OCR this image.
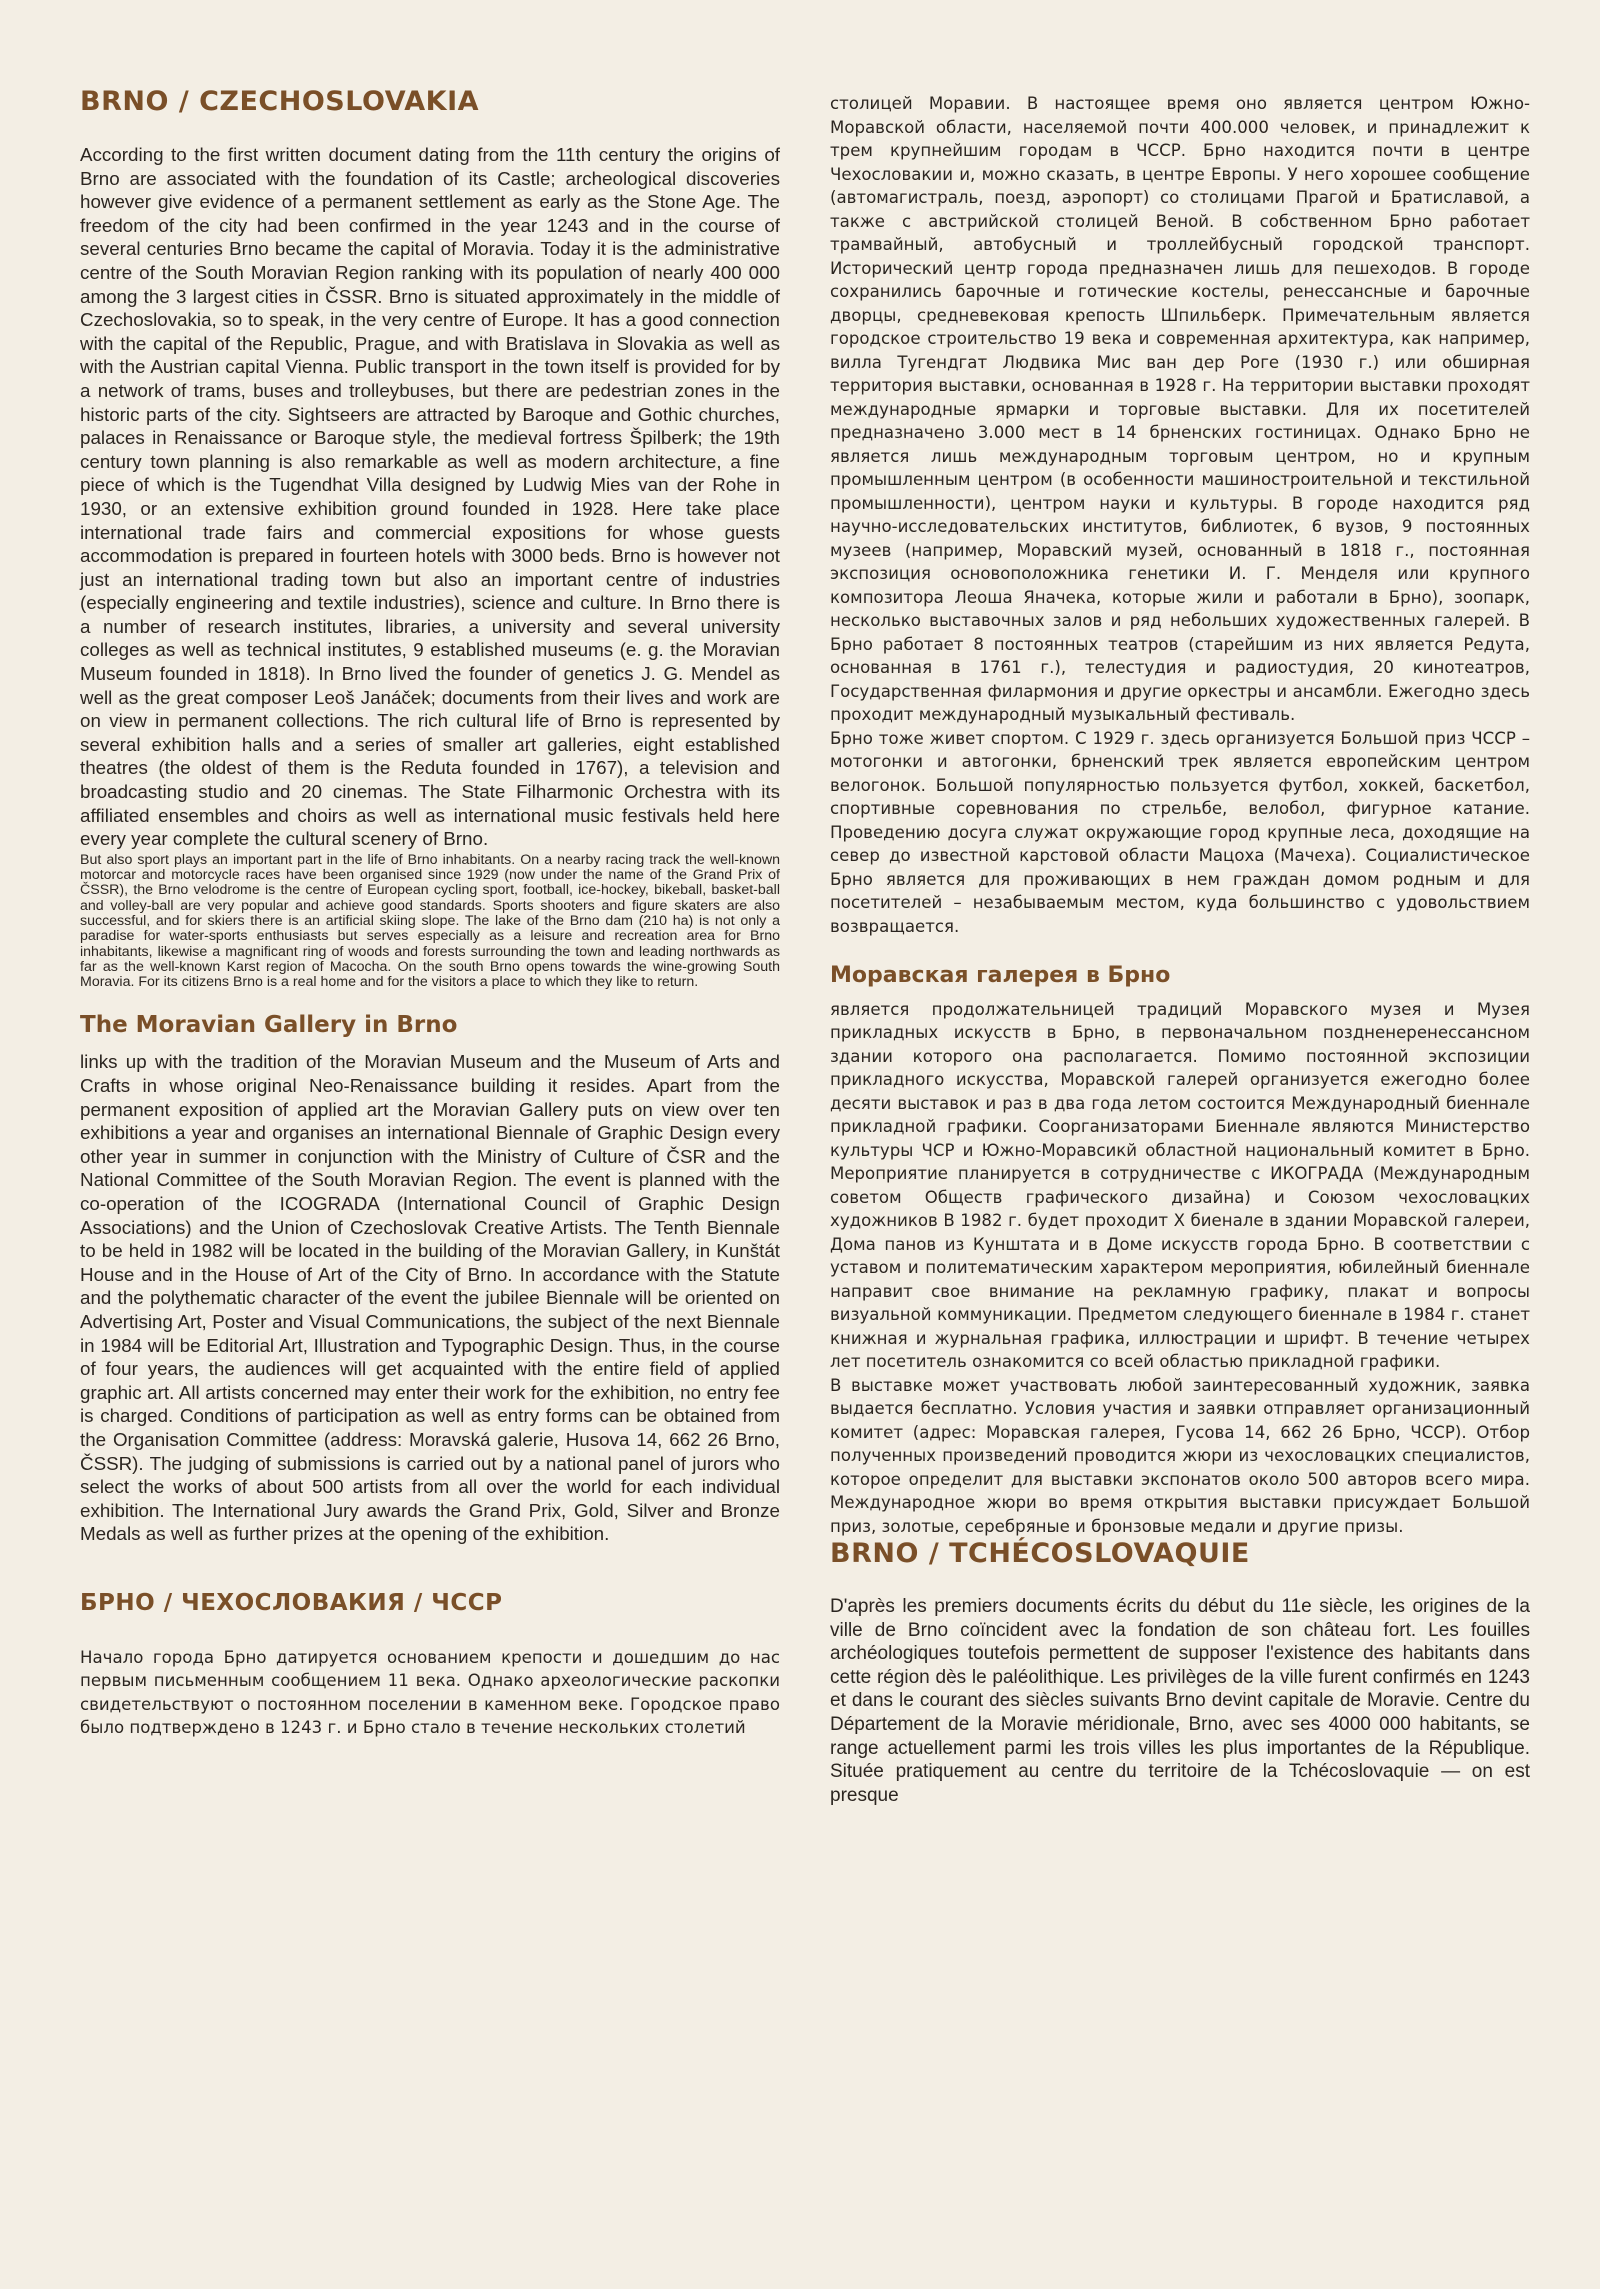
BRNO / CZECHOSLOVAKIA

According to the first written document dating from the 11th century the origins of Brno are associated with the foundation of its Castle; archeological discoveries however give evidence of a permanent settlement as early as the Stone Age. The freedom of the city had been confirmed in the year 1243 and in the course of several centuries Brno became the capital of Moravia. Today it is the administrative centre of the South Moravian Region ranking with its population of nearly 400 000 among the 3 largest cities in ČSSR. Brno is situated approximately in the middle of Czechoslovakia, so to speak, in the very centre of Europe. It has a good connection with the capital of the Republic, Prague, and with Bratislava in Slovakia as well as with the Austrian capital Vienna. Public transport in the town itself is provided for by a network of trams, buses and trolleybuses, but there are pedestrian zones in the historic parts of the city. Sightseers are attracted by Baroque and Gothic churches, palaces in Renaissance or Baroque style, the medieval fortress Špilberk; the 19th century town planning is also remarkable as well as modern architecture, a fine piece of which is the Tugendhat Villa designed by Ludwig Mies van der Rohe in 1930, or an extensive exhibition ground founded in 1928. Here take place international trade fairs and commercial expositions for whose guests accommodation is prepared in fourteen hotels with 3000 beds. Brno is however not just an international trading town but also an important centre of industries (especially engineering and textile industries), science and culture. In Brno there is a number of research institutes, libraries, a university and several university colleges as well as technical institutes, 9 established museums (e. g. the Moravian Museum founded in 1818). In Brno lived the founder of genetics J. G. Mendel as well as the great composer Leoš Janáček; documents from their lives and work are on view in permanent collections. The rich cultural life of Brno is represented by several exhibition halls and a series of smaller art galleries, eight established theatres (the oldest of them is the Reduta founded in 1767), a television and broadcasting studio and 20 cinemas. The State Filharmonic Orchestra with its affiliated ensembles and choirs as well as international music festivals held here every year complete the cultural scenery of Brno.

But also sport plays an important part in the life of Brno inhabitants. On a nearby racing track the well-known motorcar and motorcycle races have been organised since 1929 (now under the name of the Grand Prix of ČSSR), the Brno velodrome is the centre of European cycling sport, football, ice-hockey, bikeball, basket-ball and volley-ball are very popular and achieve good standards. Sports shooters and figure skaters are also successful, and for skiers there is an artificial skiing slope. The lake of the Brno dam (210 ha) is not only a paradise for water-sports enthusiasts but serves especially as a leisure and recreation area for Brno inhabitants, likewise a magnificant ring of woods and forests surrounding the town and leading northwards as far as the well-known Karst region of Macocha. On the south Brno opens towards the wine-growing South Moravia. For its citizens Brno is a real home and for the visitors a place to which they like to return.

The Moravian Gallery in Brno

links up with the tradition of the Moravian Museum and the Museum of Arts and Crafts in whose original Neo-Renaissance building it resides. Apart from the permanent exposition of applied art the Moravian Gallery puts on view over ten exhibitions a year and organises an international Biennale of Graphic Design every other year in summer in conjunction with the Ministry of Culture of ČSR and the National Committee of the South Moravian Region. The event is planned with the co-operation of the ICOGRADA (International Council of Graphic Design Associations) and the Union of Czechoslovak Creative Artists. The Tenth Biennale to be held in 1982 will be located in the building of the Moravian Gallery, in Kunštát House and in the House of Art of the City of Brno. In accordance with the Statute and the polythematic character of the event the jubilee Biennale will be oriented on Advertising Art, Poster and Visual Communications, the subject of the next Biennale in 1984 will be Editorial Art, Illustration and Typographic Design. Thus, in the course of four years, the audiences will get acquainted with the entire field of applied graphic art. All artists concerned may enter their work for the exhibition, no entry fee is charged. Conditions of participation as well as entry forms can be obtained from the Organisation Committee (address: Moravská galerie, Husova 14, 662 26 Brno, ČSSR). The judging of submissions is carried out by a national panel of jurors who select the works of about 500 artists from all over the world for each individual exhibition. The International Jury awards the Grand Prix, Gold, Silver and Bronze Medals as well as further prizes at the opening of the exhibition.

БРНО / ЧЕХОСЛОВАКИЯ / ЧССР

Начало города Брно датируется основанием крепости и дошедшим до нас первым письменным сообщением 11 века. Однако археологические раскопки свидетельствуют о постоянном поселении в каменном веке. Городское право было подтверждено в 1243 г. и Брно стало в течение нескольких столетий

столицей Моравии. В настоящее время оно является центром Южно-Моравской области, населяемой почти 400.000 человек, и принадлежит к трем крупнейшим городам в ЧССР. Брно находится почти в центре Чехословакии и, можно сказать, в центре Европы. У него хорошее сообщение (автомагистраль, поезд, аэропорт) со столицами Прагой и Братиславой, а также с австрийской столицей Веной. В собственном Брно работает трамвайный, автобусный и троллейбусный городской транспорт. Исторический центр города предназначен лишь для пешеходов. В городе сохранились барочные и готические костелы, ренессансные и барочные дворцы, средневековая крепость Шпильберк. Примечательным является городское строительство 19 века и современная архитектура, как например, вилла Тугендгат Людвика Мис ван дер Роге (1930 г.) или обширная территория выставки, основанная в 1928 г. На территории выставки проходят международные ярмарки и торговые выставки. Для их посетителей предназначено 3.000 мест в 14 брненских гостиницах. Однако Брно не является лишь международным торговым центром, но и крупным промышленным центром (в особенности машиностроительной и текстильной промышленности), центром науки и культуры. В городе находится ряд научно-исследовательских институтов, библиотек, 6 вузов, 9 постоянных музеев (например, Моравский музей, основанный в 1818 г., постоянная экспозиция основоположника генетики И. Г. Менделя или крупного композитора Леоша Яначека, которые жили и работали в Брно), зоопарк, несколько выставочных залов и ряд небольших художественных галерей. В Брно работает 8 постоянных театров (старейшим из них является Редута, основанная в 1761 г.), телестудия и радиостудия, 20 кинотеатров, Государственная филармония и другие оркестры и ансамбли. Ежегодно здесь проходит международный музыкальный фестиваль.

Брно тоже живет спортом. С 1929 г. здесь организуется Большой приз ЧССР – мотогонки и автогонки, брненский трек является европейским центром велогонок. Большой популярностью пользуется футбол, хоккей, баскетбол, спортивные соревнования по стрельбе, велобол, фигурное катание. Проведению досуга служат окружающие город крупные леса, доходящие на север до известной карстовой области Мацоха (Мачеха). Социалистическое Брно является для проживающих в нем граждан домом родным и для посетителей – незабываемым местом, куда большинство с удовольствием возвращается.

Моравская галерея в Брно

является продолжательницей традиций Моравского музея и Музея прикладных искусств в Брно, в первоначальном поздненеренессансном здании которого она располагается. Помимо постоянной экспозиции прикладного искусства, Моравской галерей организуется ежегодно более десяти выставок и раз в два года летом состоится Международный биеннале прикладной графики. Соорганизаторами Биеннале являются Министерство культуры ЧСР и Южно-Моравсикй областной национальный комитет в Брно. Мероприятие планируется в сотрудничестве с ИКОГРАДА (Международным советом Обществ графического дизайна) и Союзом чехословацких художников В 1982 г. будет проходит X биенале в здании Моравской галереи, Дома панов из Кунштата и в Доме искусств города Брно. В соответствии с уставом и политематическим характером мероприятия, юбилейный биеннале направит свое внимание на рекламную графику, плакат и вопросы визуальной коммуникации. Предметом следующего биеннале в 1984 г. станет книжная и журнальная графика, иллюстрации и шрифт. В течение четырех лет посетитель ознакомится со всей областью прикладной графики.

В выставке может участвовать любой заинтересованный художник, заявка выдается бесплатно. Условия участия и заявки отправляет организационный комитет (адрес: Моравская галерея, Гусова 14, 662 26 Брно, ЧССР). Отбор полученных произведений проводится жюри из чехословацких специалистов, которое определит для выставки экспонатов около 500 авторов всего мира. Международное жюри во время открытия выставки присуждает Большой приз, золотые, серебряные и бронзовые медали и другие призы.

BRNO / TCHÉCOSLOVAQUIE

D'après les premiers documents écrits du début du 11e siècle, les origines de la ville de Brno coïncident avec la fondation de son château fort. Les fouilles archéologiques toutefois permettent de supposer l'existence des habitants dans cette région dès le paléolithique. Les privilèges de la ville furent confirmés en 1243 et dans le courant des siècles suivants Brno devint capitale de Moravie. Centre du Département de la Moravie méridionale, Brno, avec ses 4000 000 habitants, se range actuellement parmi les trois villes les plus importantes de la République. Située pratiquement au centre du territoire de la Tchécoslovaquie — on est presque
